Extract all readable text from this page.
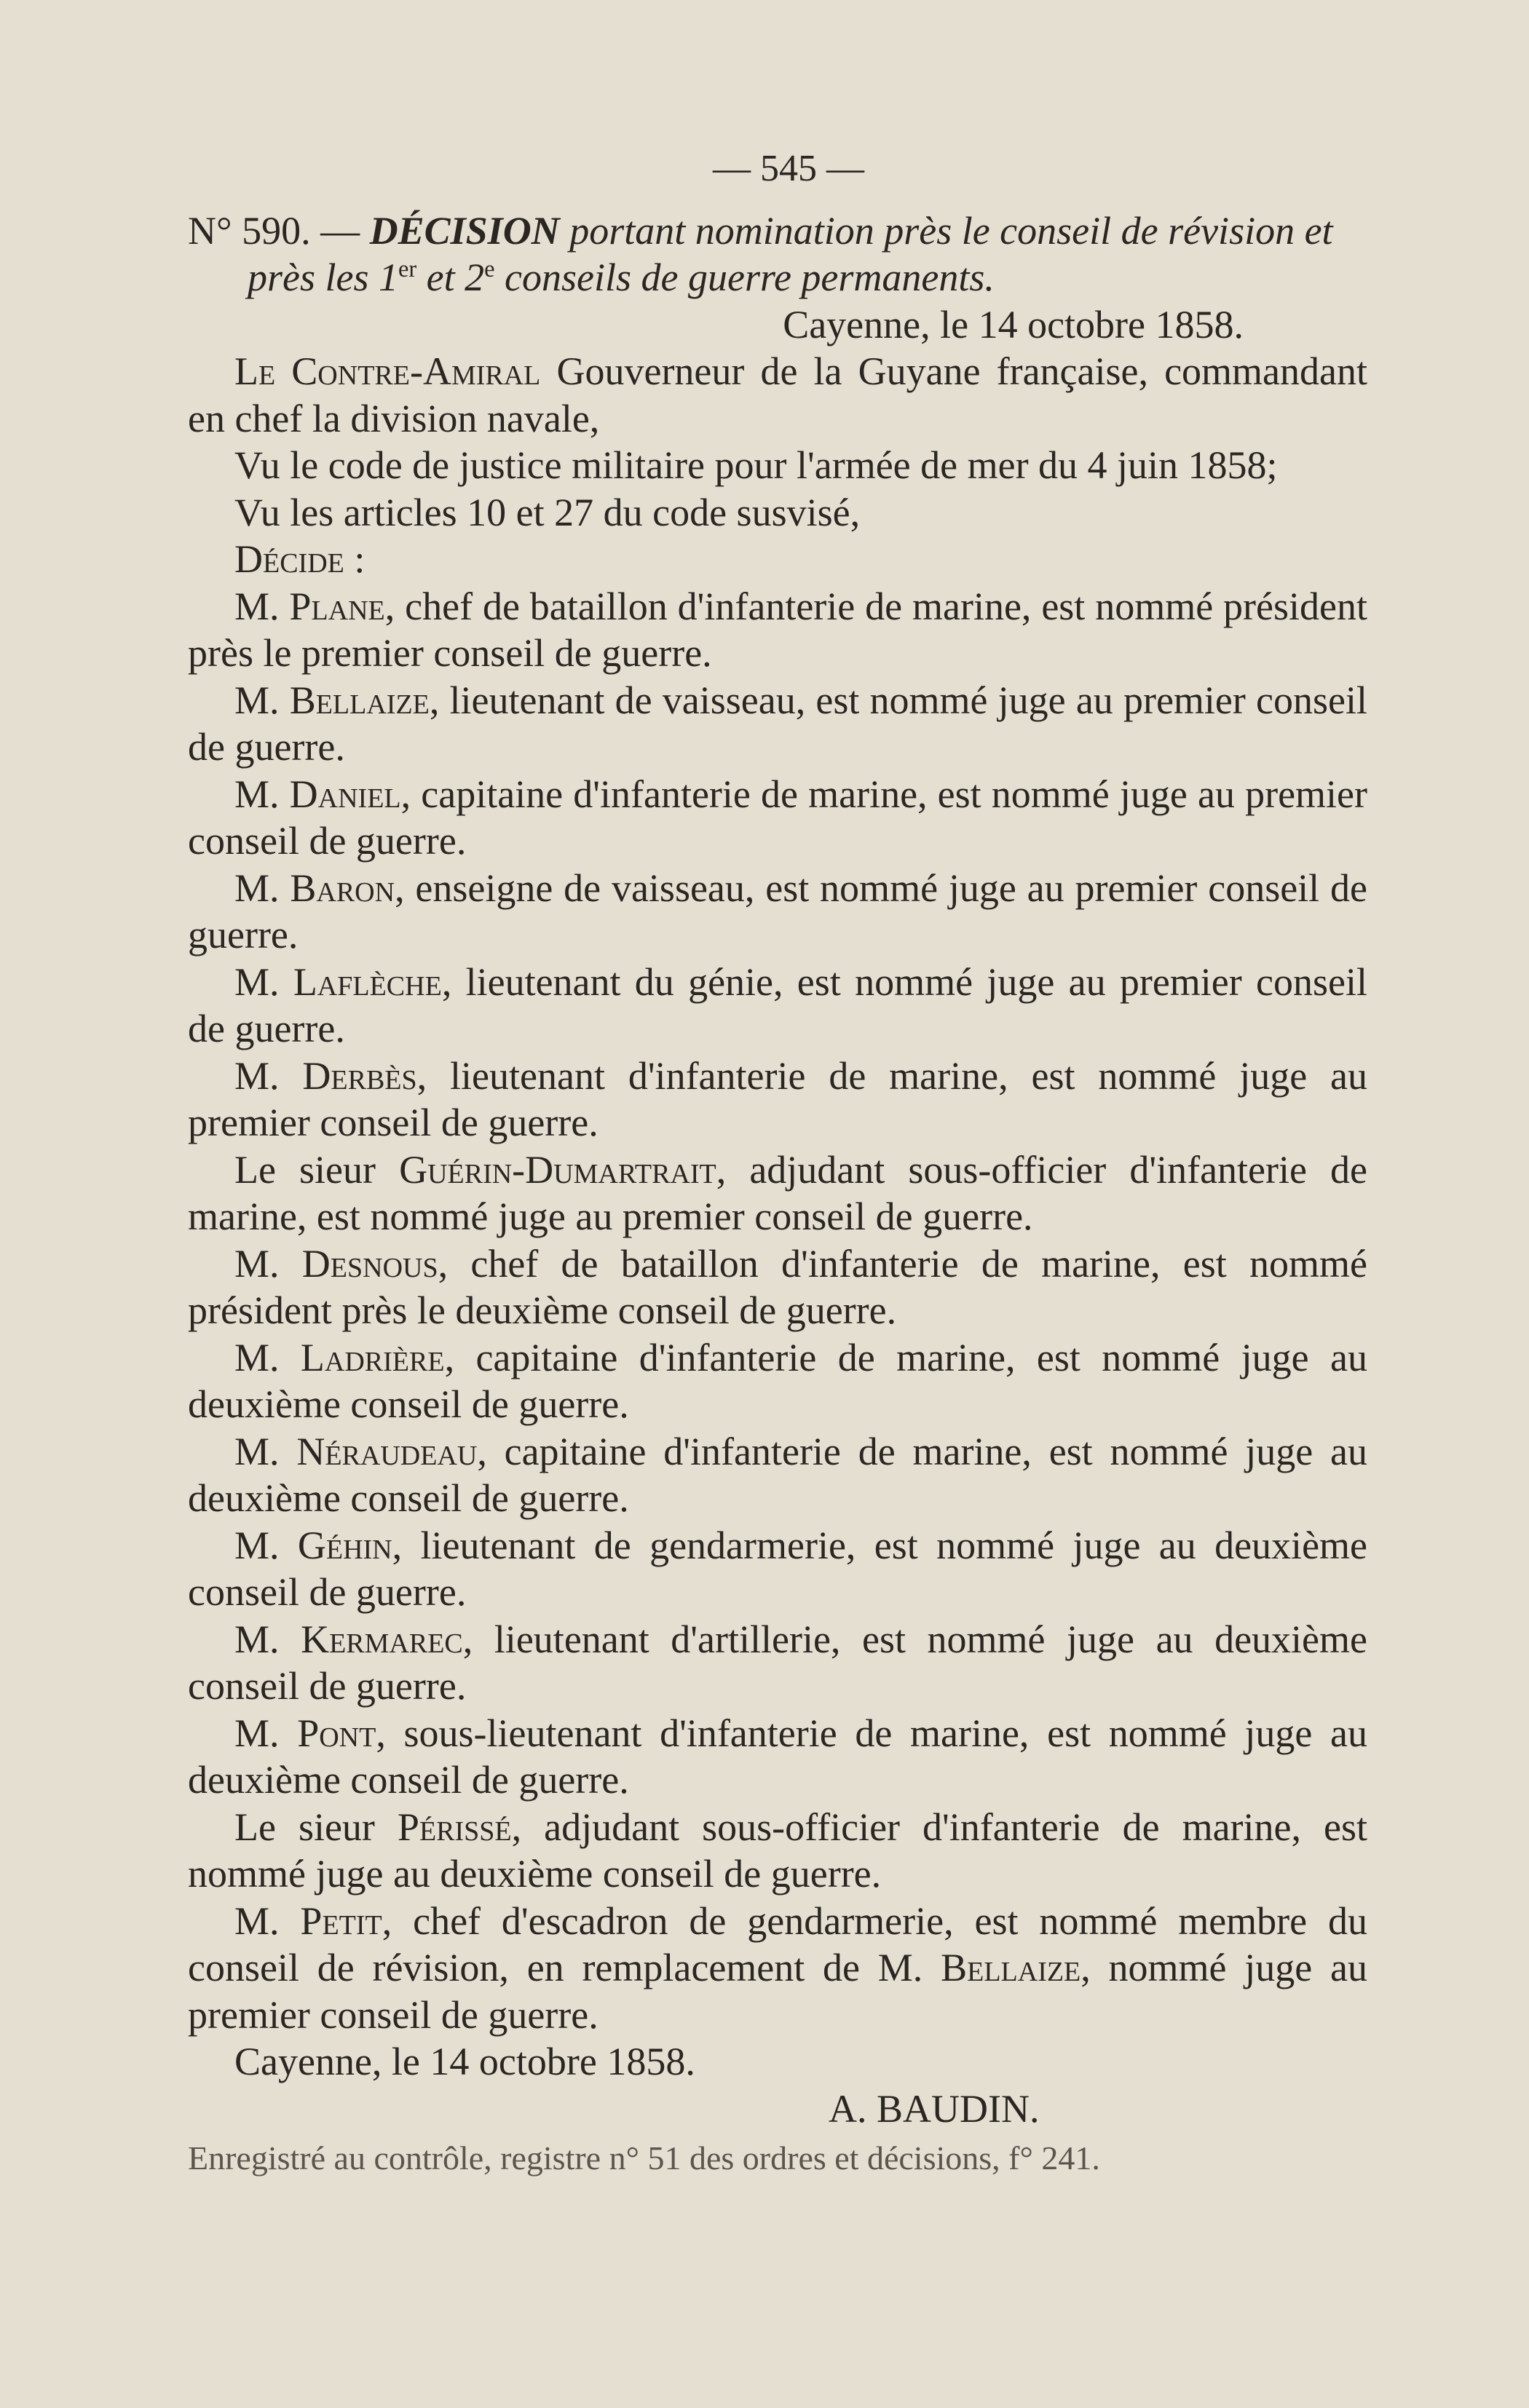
— 545 —

N° 590. — DÉCISION portant nomination près le conseil de révision et près les 1er et 2e conseils de guerre permanents.

Cayenne, le 14 octobre 1858.

Le Contre-Amiral Gouverneur de la Guyane française, commandant en chef la division navale,

Vu le code de justice militaire pour l'armée de mer du 4 juin 1858;

Vu les articles 10 et 27 du code susvisé,

Décide :

M. Plane, chef de bataillon d'infanterie de marine, est nommé président près le premier conseil de guerre.

M. Bellaize, lieutenant de vaisseau, est nommé juge au premier conseil de guerre.

M. Daniel, capitaine d'infanterie de marine, est nommé juge au premier conseil de guerre.

M. Baron, enseigne de vaisseau, est nommé juge au premier conseil de guerre.

M. Laflèche, lieutenant du génie, est nommé juge au premier conseil de guerre.

M. Derbès, lieutenant d'infanterie de marine, est nommé juge au premier conseil de guerre.

Le sieur Guérin-Dumartrait, adjudant sous-officier d'infanterie de marine, est nommé juge au premier conseil de guerre.

M. Desnous, chef de bataillon d'infanterie de marine, est nommé président près le deuxième conseil de guerre.

M. Ladrière, capitaine d'infanterie de marine, est nommé juge au deuxième conseil de guerre.

M. Néraudeau, capitaine d'infanterie de marine, est nommé juge au deuxième conseil de guerre.

M. Géhin, lieutenant de gendarmerie, est nommé juge au deuxième conseil de guerre.

M. Kermarec, lieutenant d'artillerie, est nommé juge au deuxième conseil de guerre.

M. Pont, sous-lieutenant d'infanterie de marine, est nommé juge au deuxième conseil de guerre.

Le sieur Périssé, adjudant sous-officier d'infanterie de marine, est nommé juge au deuxième conseil de guerre.

M. Petit, chef d'escadron de gendarmerie, est nommé membre du conseil de révision, en remplacement de M. Bellaize, nommé juge au premier conseil de guerre.

Cayenne, le 14 octobre 1858.

A. BAUDIN.

Enregistré au contrôle, registre n° 51 des ordres et décisions, f° 241.
